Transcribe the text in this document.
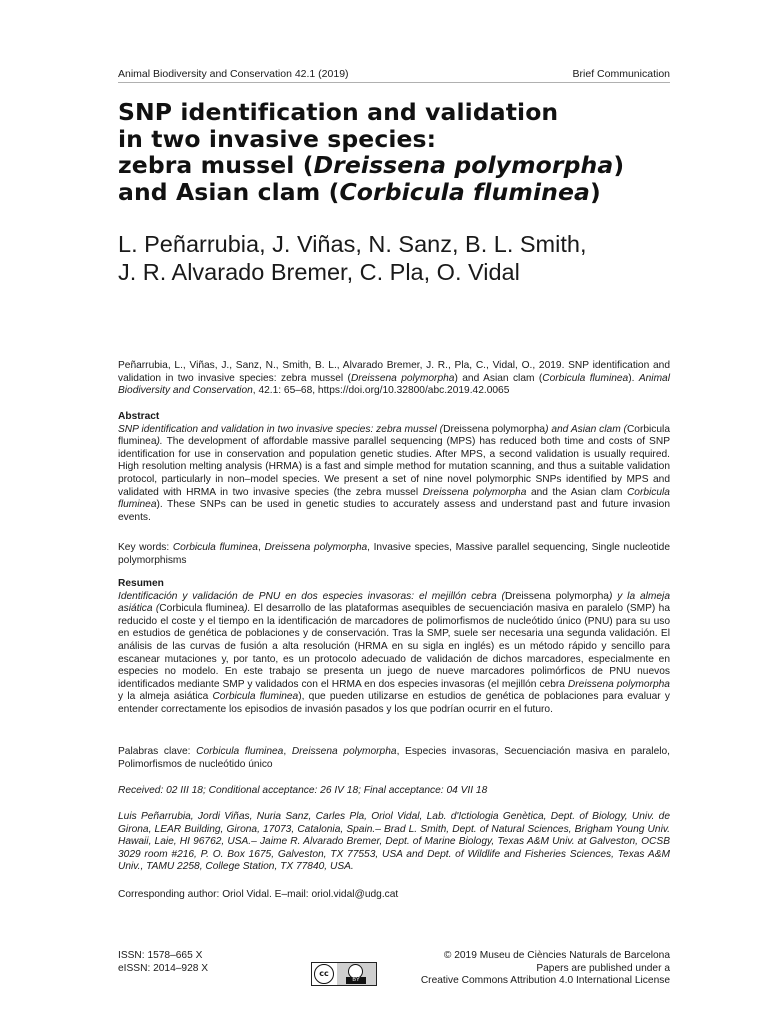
Animal Biodiversity and Conservation 42.1 (2019)	Brief Communication
SNP identification and validation
in two invasive species:
zebra mussel (Dreissena polymorpha)
and Asian clam (Corbicula fluminea)
L. Peñarrubia, J. Viñas, N. Sanz, B. L. Smith,
J. R. Alvarado Bremer, C. Pla, O. Vidal

Peñarrubia, L., Viñas, J., Sanz, N., Smith, B. L., Alvarado Bremer, J. R., Pla, C., Vidal, O., 2019. SNP identification and validation in two invasive species: zebra mussel (Dreissena polymorpha) and Asian clam (Corbicula fluminea). Animal Biodiversity and Conservation, 42.1: 65–68, https://doi.org/10.32800/abc.2019.42.0065

Abstract

SNP identification and validation in two invasive species: zebra mussel (Dreissena polymorpha) and Asian clam (Corbicula fluminea). The development of affordable massive parallel sequencing (MPS) has reduced both time and costs of SNP identification for use in conservation and population genetic studies. After MPS, a second validation is usually required. High resolution melting analysis (HRMA) is a fast and simple method for mutation scanning, and thus a suitable validation protocol, particularly in non–model species. We present a set of nine novel polymorphic SNPs identified by MPS and validated with HRMA in two invasive species (the zebra mussel Dreissena polymorpha and the Asian clam Corbicula fluminea). These SNPs can be used in genetic studies to accurately assess and understand past and future invasion events.

Key words: Corbicula fluminea, Dreissena polymorpha, Invasive species, Massive parallel sequencing, Single nucleotide polymorphisms

Resumen

Identificación y validación de PNU en dos especies invasoras: el mejillón cebra (Dreissena polymorpha) y la almeja asiática (Corbicula fluminea). El desarrollo de las plataformas asequibles de secuenciación masiva en paralelo (SMP) ha reducido el coste y el tiempo en la identificación de marcadores de polimorfismos de nucleótido único (PNU) para su uso en estudios de genética de poblaciones y de conservación. Tras la SMP, suele ser necesaria una segunda validación. El análisis de las curvas de fusión a alta resolución (HRMA en su sigla en inglés) es un método rápido y sencillo para escanear mutaciones y, por tanto, es un protocolo adecuado de validación de dichos marcadores, especialmente en especies no modelo. En este trabajo se presenta un juego de nueve marcadores polimórficos de PNU nuevos identificados mediante SMP y validados con el HRMA en dos especies invasoras (el mejillón cebra Dreissena polymorpha y la almeja asiática Corbicula fluminea), que pueden utilizarse en estudios de genética de poblaciones para evaluar y entender correctamente los episodios de invasión pasados y los que podrían ocurrir en el futuro.

Palabras clave: Corbicula fluminea, Dreissena polymorpha, Especies invasoras, Secuenciación masiva en paralelo, Polimorfismos de nucleótido único

Received: 02 III 18; Conditional acceptance: 26 IV 18; Final acceptance: 04 VII 18
Luis Peñarrubia, Jordi Viñas, Nuria Sanz, Carles Pla, Oriol Vidal, Lab. d'Ictiologia Genètica, Dept. of Biology, Univ. de Girona, LEAR Building, Girona, 17073, Catalonia, Spain.– Brad L. Smith, Dept. of Natural Sciences, Brigham Young Univ. Hawaii, Laie, HI 96762, USA.– Jaime R. Alvarado Bremer, Dept. of Marine Biology, Texas A&M Univ. at Galveston, OCSB 3029 room #216, P. O. Box 1675, Galveston, TX 77553, USA and Dept. of Wildlife and Fisheries Sciences, Texas A&M Univ., TAMU 2258, College Station, TX 77840, USA.
Corresponding author: Oriol Vidal. E–mail: oriol.vidal@udg.cat
ISSN: 1578–665 X
eISSN: 2014–928 X	cc
BY
© 2019 Museu de Ciències Naturals de Barcelona
Papers are published under a
Creative Commons Attribution 4.0 International License
